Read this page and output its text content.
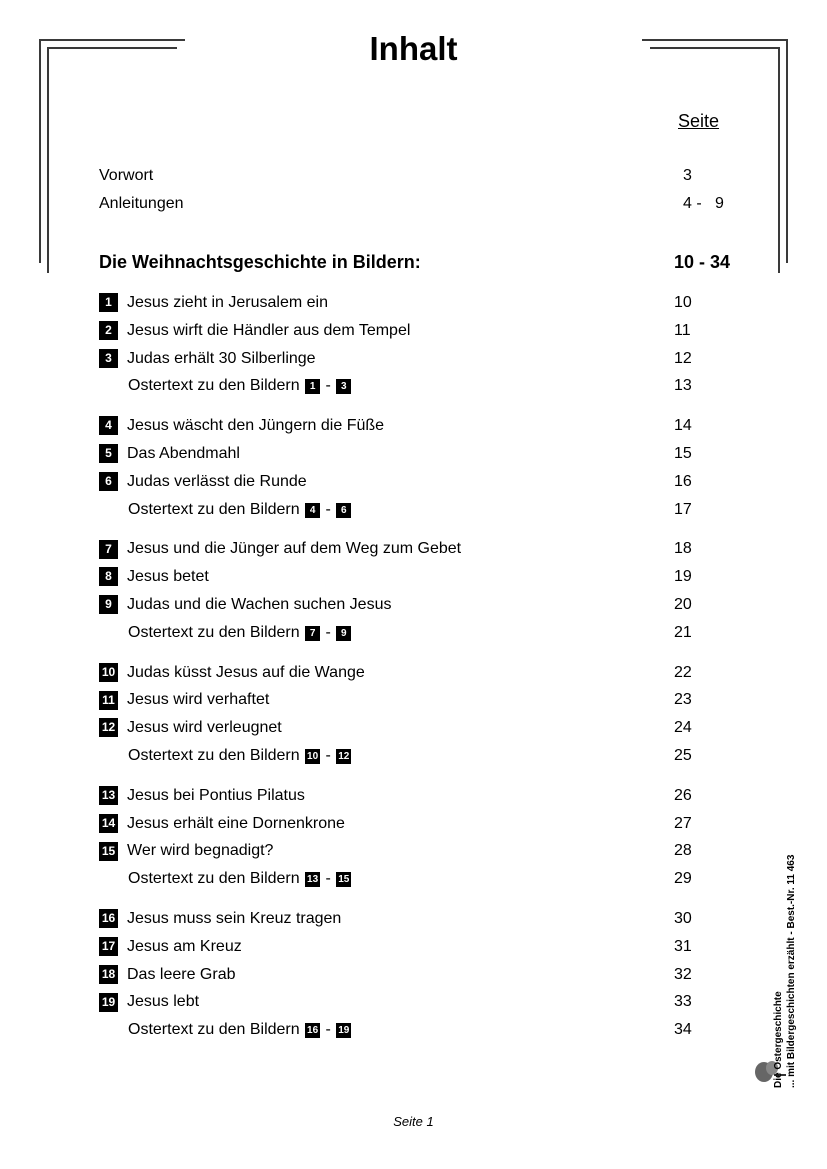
Inhalt
Seite
Vorwort	3
Anleitungen	4 -   9
Die Weihnachtsgeschichte in Bildern:	10 - 34
1 Jesus zieht in Jerusalem ein	10
2 Jesus wirft die Händler aus dem Tempel	11
3 Judas erhält 30 Silberlinge	12
Ostertext zu den Bildern 1 - 3	13
4 Jesus wäscht den Jüngern die Füße	14
5 Das Abendmahl	15
6 Judas verlässt die Runde	16
Ostertext zu den Bildern 4 - 6	17
7 Jesus und die Jünger auf dem Weg zum Gebet	18
8 Jesus betet	19
9 Judas und die Wachen suchen Jesus	20
Ostertext zu den Bildern 7 - 9	21
10 Judas küsst Jesus auf die Wange	22
11 Jesus wird verhaftet	23
12 Jesus wird verleugnet	24
Ostertext zu den Bildern 10 - 12	25
13 Jesus bei Pontius Pilatus	26
14 Jesus erhält eine Dornenkrone	27
15 Wer wird begnadigt?	28
Ostertext zu den Bildern 13 - 15	29
16 Jesus muss sein Kreuz tragen	30
17 Jesus am Kreuz	31
18 Das leere Grab	32
19 Jesus lebt	33
Ostertext zu den Bildern 16 - 19	34
Seite 1
Die Ostergeschichte ... mit Bildergeschichten erzählt - Best.-Nr. 11 463
